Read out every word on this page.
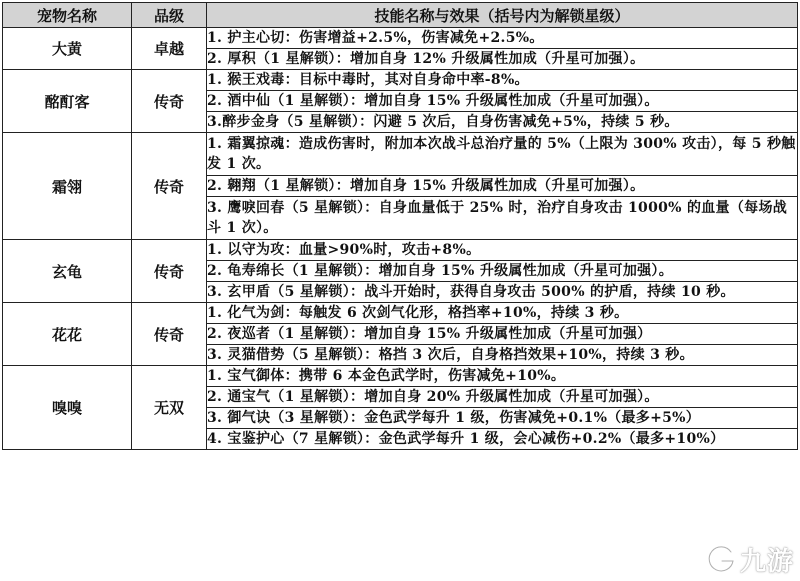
宠物名称	品级	技能名称与效果（括号内为解锁星级）
大黄	卓越	1. 护主心切：伤害增益+2.5%，伤害减免+2.5%。
		2. 厚积（1 星解锁）：增加自身 12% 升级属性加成（升星可加强）。
酩酊客	传奇	1. 猴王戏毒：目标中毒时，其对自身命中率-8%。
		2. 酒中仙（1 星解锁）：增加自身 15% 升级属性加成（升星可加强）。
		3.醉步金身（5 星解锁）：闪避 5 次后，自身伤害减免+5%，持续 5 秒。
霜翎	传奇	1. 霜翼掠魂：造成伤害时，附加本次战斗总治疗量的 5%（上限为 300% 攻击），每 5 秒触发 1 次。
		2. 翱翔（1 星解锁）：增加自身 15% 升级属性加成（升星可加强）。
		3. 鹰唳回春（5 星解锁）：自身血量低于 25% 时，治疗自身攻击 1000% 的血量（每场战斗 1 次）。
玄龟	传奇	1. 以守为攻：血量>90%时，攻击+8%。
		2. 龟寿绵长（1 星解锁）：增加自身 15% 升级属性加成（升星可加强）。
		3. 玄甲盾（5 星解锁）：战斗开始时，获得自身攻击 500% 的护盾，持续 10 秒。
花花	传奇	1. 化气为剑：每触发 6 次剑气化形，格挡率+10%，持续 3 秒。
		2. 夜巡者（1 星解锁）：增加自身 15% 升级属性加成（升星可加强）
		3. 灵猫借势（5 星解锁）：格挡 3 次后，自身格挡效果+10%，持续 3 秒。
嗅嗅	无双	1. 宝气御体：携带 6 本金色武学时，伤害减免+10%。
		2. 通宝气（1 星解锁）：增加自身 20% 升级属性加成（升星可加强）。
		3. 御气诀（3 星解锁）：金色武学每升 1 级，伤害减免+0.1%（最多+5%）
		4. 宝鉴护心（7 星解锁）：金色武学每升 1 级，会心减伤+0.2%（最多+10%）
九游
